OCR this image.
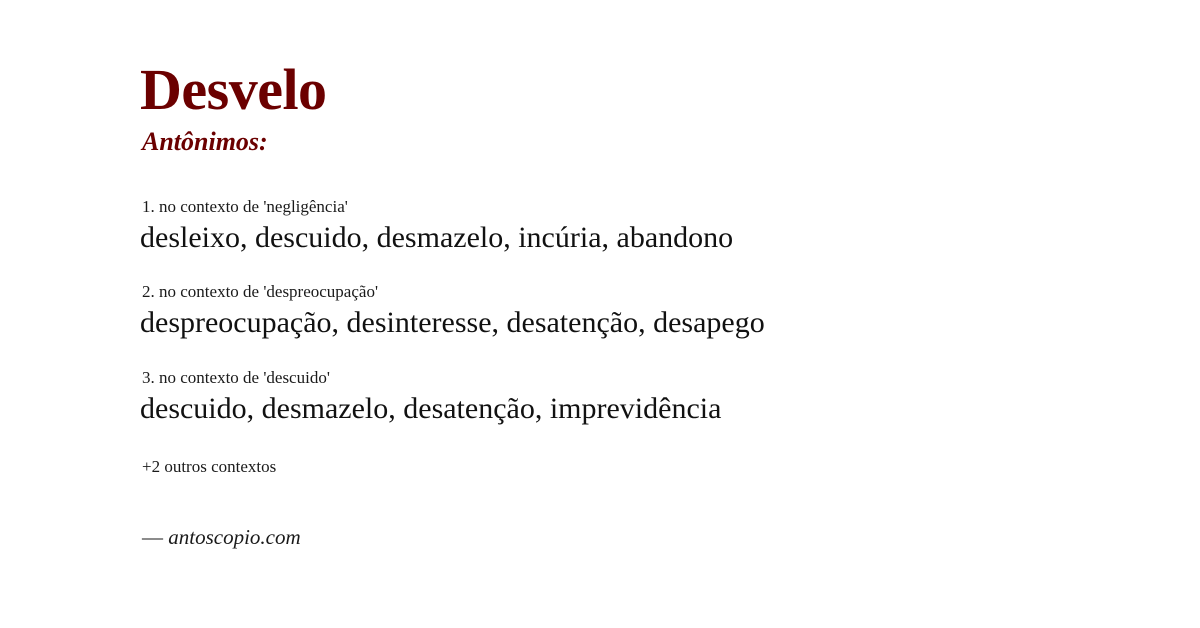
Desvelo
Antônimos:
1. no contexto de 'negligência'
desleixo, descuido, desmazelo, incúria, abandono
2. no contexto de 'despreocupação'
despreocupação, desinteresse, desatenção, desapego
3. no contexto de 'descuido'
descuido, desmazelo, desatenção, imprevidência
+2 outros contextos
— antoscopio.com
